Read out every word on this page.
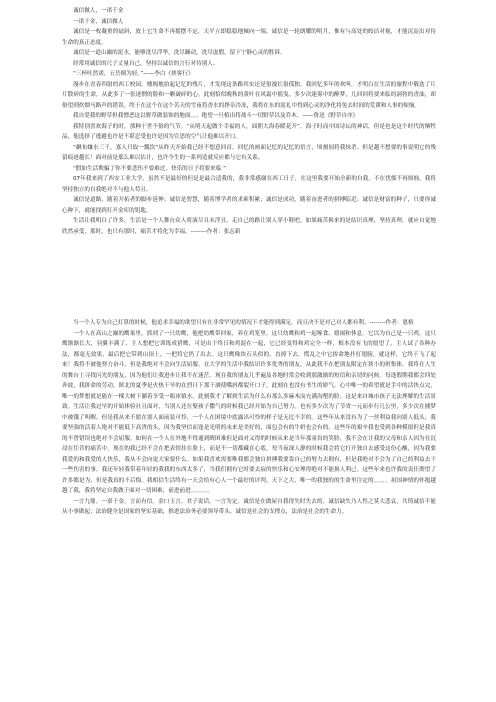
诚信做人，一诺千金

一诺千金，诚信做人

诚信是一枚凝重的砝码，放上它生命不再摇摆不定，天平立即稳稳地倾向一端。诚信是一轮朗耀的明月，惟有与高处的皎洁对视，才能沉淀出对待生命的真正态度。

诚信是一道山巅的泥水，能够洗尽浮华，洗尽躁动，洗尽虚假，留下宁静心灵的胜诉。

经常用诚信的尺子丈量自己，坚持以诚信的言行对待别人。

“三杯吐然诺，五岳倒为轻。”——李白《侠客行》

漫步在青春四射的西工校园，楼阁地拍起记忆的残片，才发现这条路其实还是很漫长很孤独。我回忆多年的欢叫，才明白在生活的旅程中敬迭了片片散碎的生命。从此多了一张迷惘的脸和一颗破碎的心。此刻恰似晚秋的黄叶在风霜中摇曳。多少次迷雾中的醉梦，几回回将要来临的洞勃的香油，却俗望到炊烟马路声的错误。终于在这个在这个苦天的雪夜将香水的挣杂冷冻，我将在东的泥礼中得到心灵的净化将免去时间的荒谬和人事的烦恼。

我自爱我的野草但我憎恶这以野草做装饰的地面。。。绝望一旦植出将战斗一切野草以及乔木。——鲁迅《野草自序》

我特别喜欢海子的时，那种于世不俗的气节。“从明天起做个幸福的人，面朝大海春暖花开”。海子时而中国诗坛的神话，但是也是这个时代的牺牲品，他选择了逃避也许是不堪忍受也许是因为宣思的空气让他难以开口。

“飙布嫌水三千，寡人只取一瓢饮”从昨天开始我已经不想意回首，回忆的画面记忆的记忆的语言，顷刻间将我抹杀。但是越不想要的事说明它的残留痕迹越长！面对前是那么难以估计，也许今生的一系列造就反应都与它有关系。

“假如生活欺骗了你不要悲伤不要难过，快乐的日子将要来临 ”

07年我来到了西安工业大学，虽然不是最好的但是是最合适我的，我非常感谢在西工日子，在这里我要开始全新的自我，不在忧郁不再烦恼，我将坚持独立的自我绝对不与他人苟且。

诚信是道路，随着开拓者的脚步延伸；诚信是智慧，随着博学者的求索积累；诚信是成功，随着奋进者的拼搏临近；诚信是财富的种子，只要你诚心种下，就能找到打开金库的钥匙。

生活让我明白了许多，生活是一个人舞台众人将演尽且未浮且。走自己的路让别人穿小鞋吧。如果痛苦换来的是结识真理，坚持真理，就应自觉地欣然承受，那时，也只有那时，痛苦才将化为幸福。--------作者：张志新

当一个人专为自己打算的时候，他追求幸福的欲望只有在非常罕见的情况下才能得到满足，而且决不是对己对人都有利。--------作者：恩格

一个人在高山之巅的鹰巢里，抓到了一只幼鹰，他把幼鹰带回家，养在鸡笼里。这只幼鹰和鸡一起啄食、嬉闹和休息。它以为自己是一只鸡。这只鹰渐渐长大，羽翼丰满了，主人想把它训练成猎鹰，可是由于终日和鸡混在一起，它已经变得和鸡完全一样，根本没有飞的愿望了。主人试了各种办法，都毫无效果，最后把它带到山顶上，一把将它扔了出去。这只鹰像块石头似的，直掉下去，慌乱之中它拚命地扑打翅膀，就这样，它终于飞了起来！我将不被他努力奋斗，但是我绝对不会向生活屈服。在大学的生活中我结识许多优秀的朋友，从此我不在把朋友限定在狭小的班集体，我将在人生的舞台上寻找闪光的朋友，因为他们让我进步让我不在迷茫。现在我的朋友几乎遍及各地时常会收到那激励的短信和亲切的问候。每逢假期我都会四处奔波，我拼命的劳动，陕北的夏季是火热干旱的在烈日下那干涸使嘴唇都裂开口子，此刻在也没有书生的娇气，心中唯一的希望就是手中的活快点完，唯一的梦想就是能在一棵大树下躺着享受一瓶冰镇水。此刻我才了解到生活为什么有那么多麻木而充满沟壑的脸。这是来自城市孩子无法理解的生活景致。生活让我过早的开始体验社且面对，当别人还在娶孩子撒气的时候我已经开始为自己努力。也有多少次为了节省一元而步行几公里，多少次在捕梦中被饿了叫醒。但是我从来不愿在别人面前装可怜，一个人在困境中底露出可怜的样子是无比不幸的。这些年从来没有为了一丝利益我向别人低头，我要坚强的活着人绝对不能低下高贵的头，因为我坚信而逢是光明的未来是美好的，面包会有的牛奶也会有的。这些年的艰辛我也受到各种模拟但是我真的不曾错误也绝对不会屈服。如何在一个人在外地不得通到晦困难但是面对又得的时候从来是当年那童真的笑脸，我不会在让我的父母和亲人因为在沉浸在往昔的痛苦中。现在的我已经不会在把表情挂在脸上，而是不一切都藏在心底，每当夜深人静的时候我会将它打开独自去感受这份心酸，因为我要我爱的和我爱的人快乐，我从不会向更大家要什么。如果我喜欢需要唯我都会独自拼搏我要靠自己的努力去拥有，但是我绝对不会为了自己的利益去干一些伤害的事。我还年轻我带着年轻的我我的东西太多了，当我们拥有它时要去寂的快乐和心安理得绝对不能损人利己。这些年来也许我的责任期望了许多都是为，但是我真的不后悔。我相信生活终有一天会给有心人一个最好的评判。天下之大，唯一的我独的的生命里注定的。。。。。祖国神情的怀抱越越了我，我将坚定自我做于面对一切困难，前进前进。。。。。。。

一言九鼎。一诺千金。言而有信。金口玉言。君子说话，一言为定。诚信是在做屋自我得失时失去的。诚信缺失乃人性之莫大悲哀，共铸诚信不能从小事做起；法治健全是国家的坚实基础，推进法治务必要领导带头。诚信是社会的支撑点，法治是社会的生命力。
